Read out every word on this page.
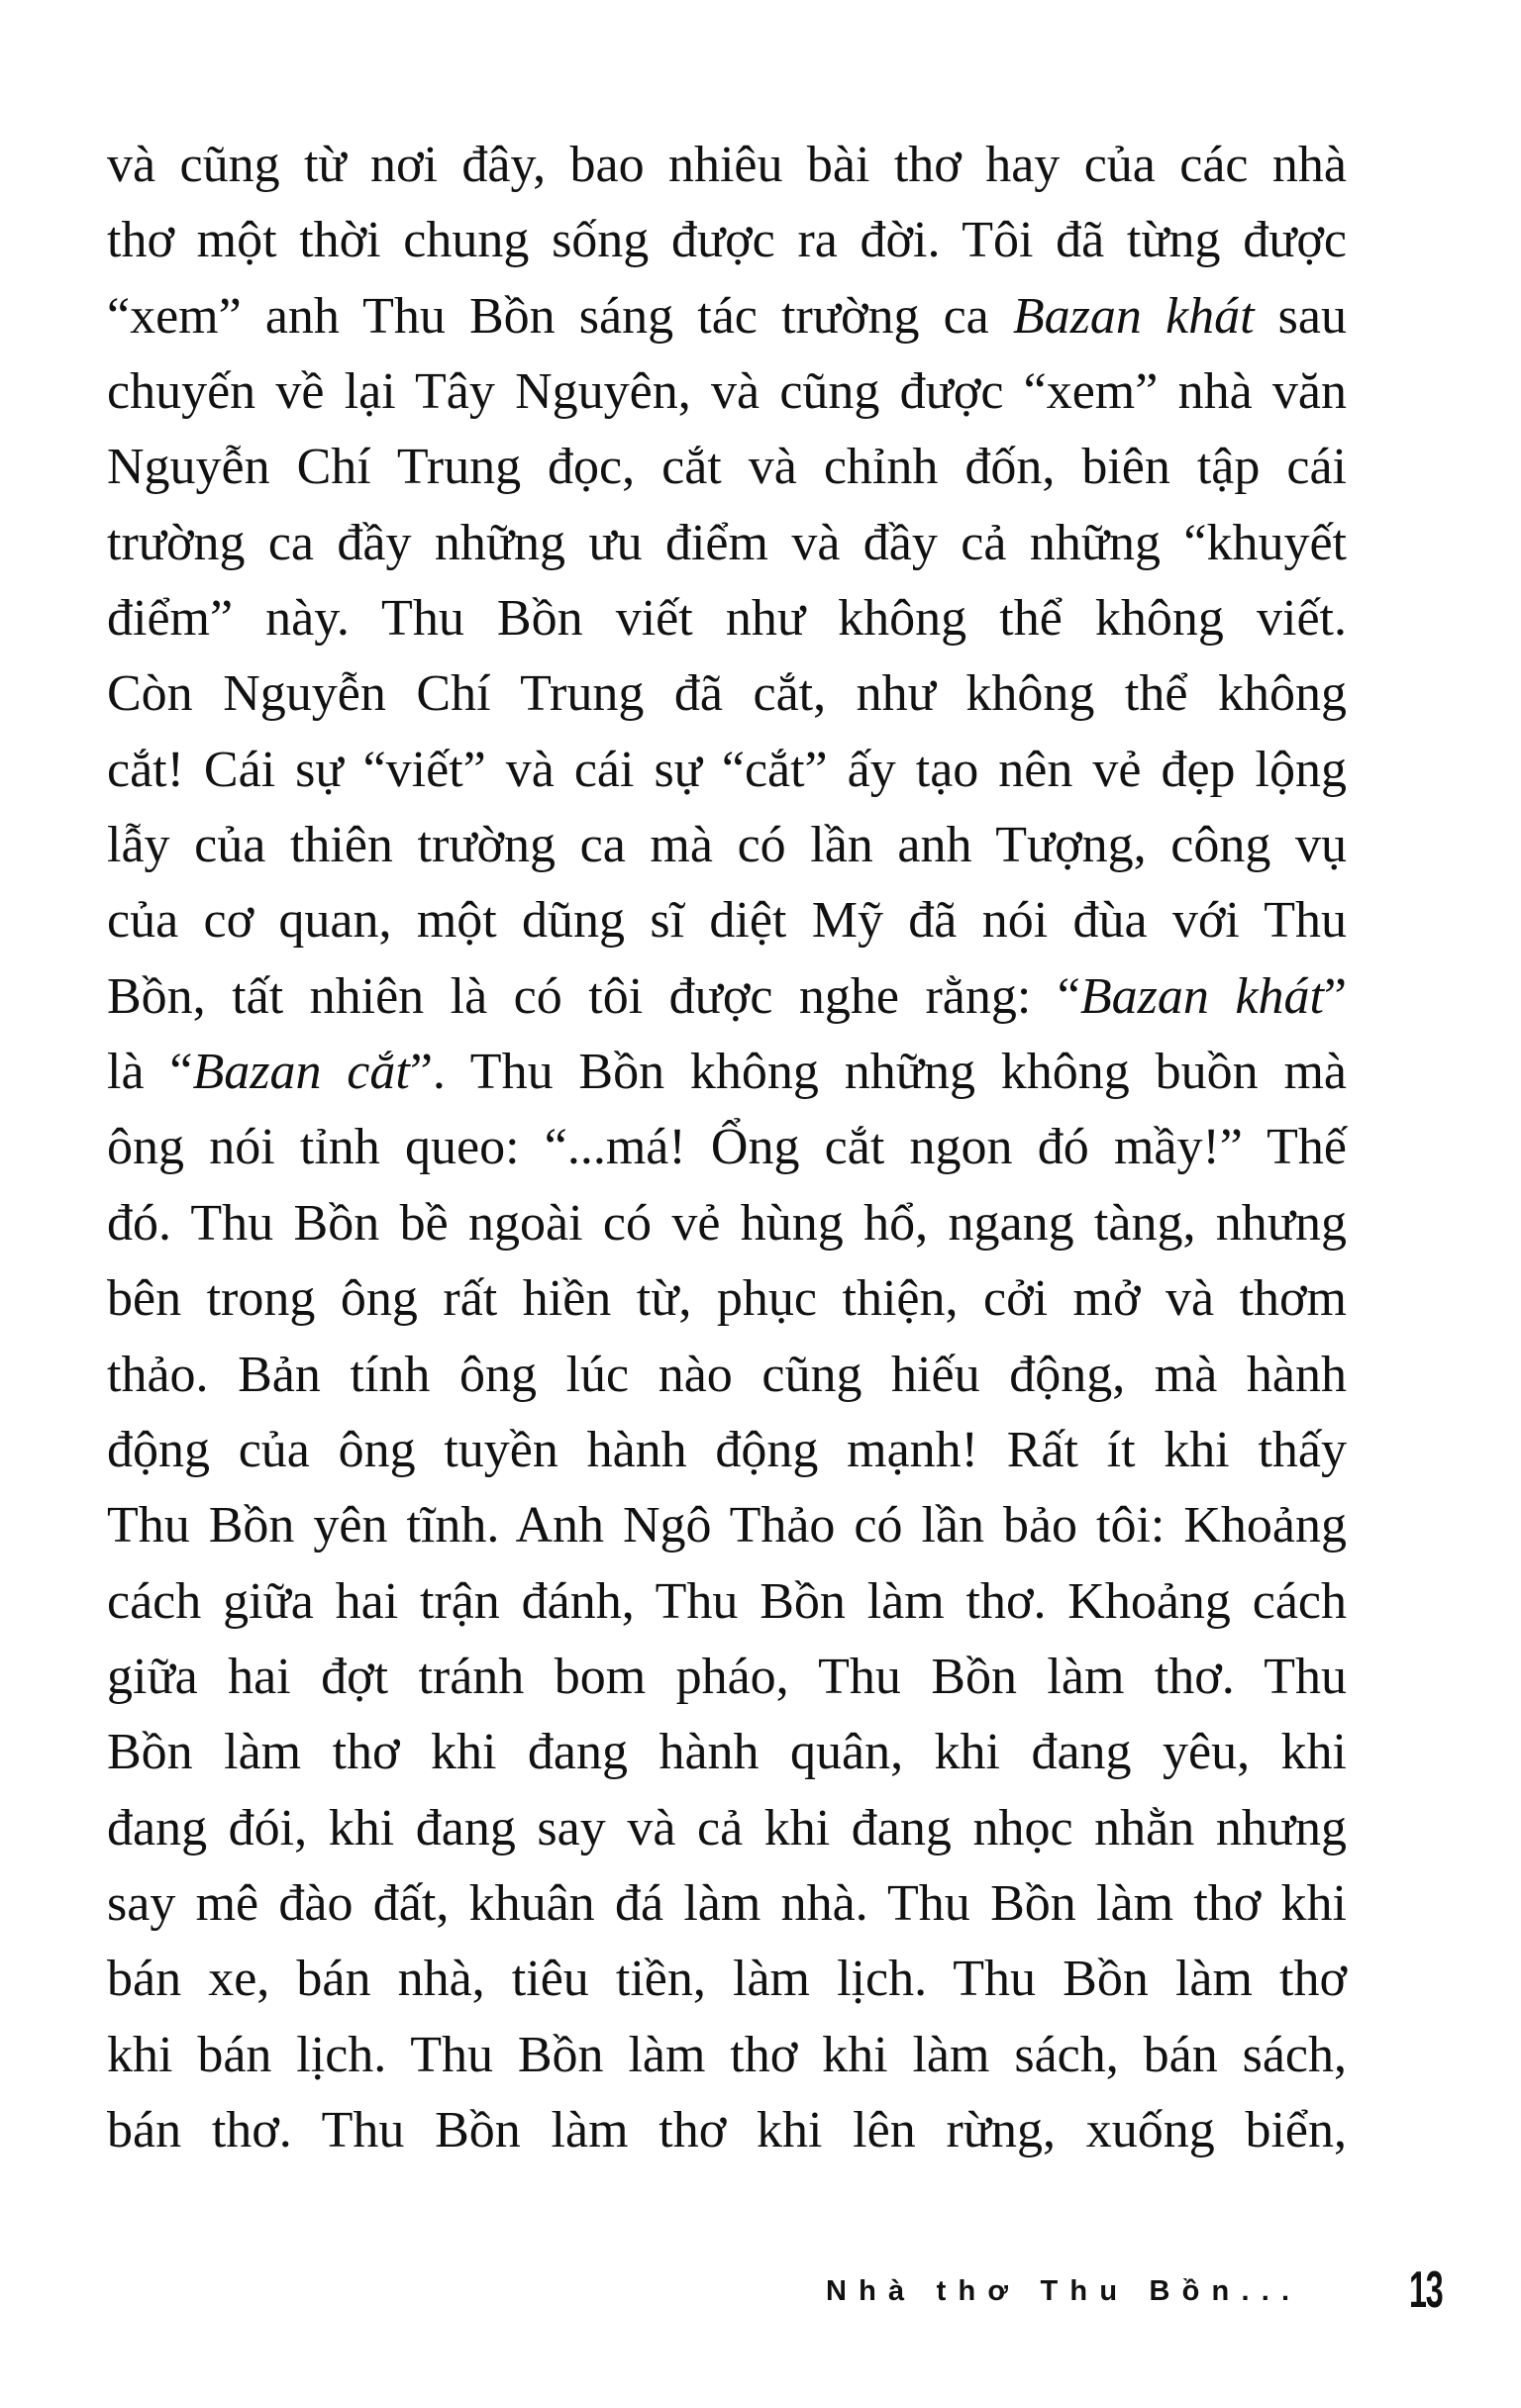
và cũng từ nơi đây, bao nhiêu bài thơ hay của các nhà
thơ một thời chung sống được ra đời. Tôi đã từng được
“xem” anh Thu Bồn sáng tác trường ca Bazan khát sau
chuyến về lại Tây Nguyên, và cũng được “xem” nhà văn
Nguyễn Chí Trung đọc, cắt và chỉnh đốn, biên tập cái
trường ca đầy những ưu điểm và đầy cả những “khuyết
điểm” này. Thu Bồn viết như không thể không viết.
Còn Nguyễn Chí Trung đã cắt, như không thể không
cắt! Cái sự “viết” và cái sự “cắt” ấy tạo nên vẻ đẹp lộng
lẫy của thiên trường ca mà có lần anh Tượng, công vụ
của cơ quan, một dũng sĩ diệt Mỹ đã nói đùa với Thu
Bồn, tất nhiên là có tôi được nghe rằng: “Bazan khát”
là “Bazan cắt”. Thu Bồn không những không buồn mà
ông nói tỉnh queo: “...má! Ổng cắt ngon đó mầy!” Thế
đó. Thu Bồn bề ngoài có vẻ hùng hổ, ngang tàng, nhưng
bên trong ông rất hiền từ, phục thiện, cởi mở và thơm
thảo. Bản tính ông lúc nào cũng hiếu động, mà hành
động của ông tuyền hành động mạnh! Rất ít khi thấy
Thu Bồn yên tĩnh. Anh Ngô Thảo có lần bảo tôi: Khoảng
cách giữa hai trận đánh, Thu Bồn làm thơ. Khoảng cách
giữa hai đợt tránh bom pháo, Thu Bồn làm thơ. Thu
Bồn làm thơ khi đang hành quân, khi đang yêu, khi
đang đói, khi đang say và cả khi đang nhọc nhằn nhưng
say mê đào đất, khuân đá làm nhà. Thu Bồn làm thơ khi
bán xe, bán nhà, tiêu tiền, làm lịch. Thu Bồn làm thơ
khi bán lịch. Thu Bồn làm thơ khi làm sách, bán sách,
bán thơ. Thu Bồn làm thơ khi lên rừng, xuống biển,
Nhà thơ Thu Bồn... 13
